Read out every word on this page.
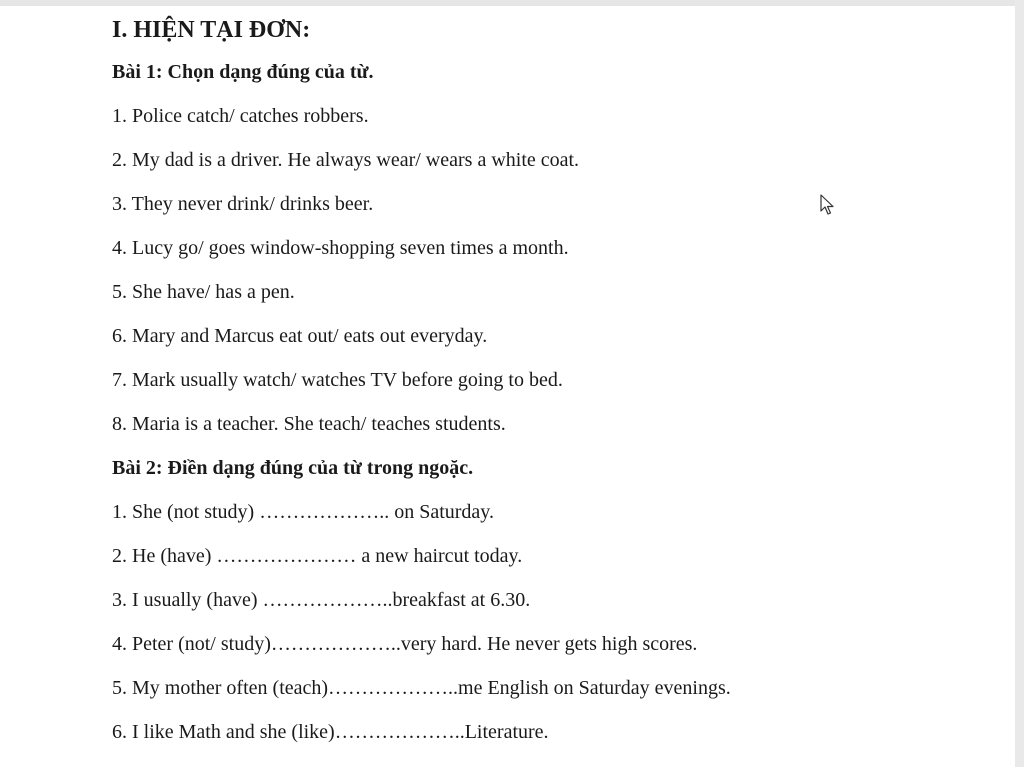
I. HIỆN TẠI ĐƠN:
Bài 1: Chọn dạng đúng của từ.
1. Police catch/ catches robbers.
2. My dad is a driver. He always wear/ wears a white coat.
3. They never drink/ drinks beer.
4. Lucy go/ goes window-shopping seven times a month.
5. She have/ has a pen.
6. Mary and Marcus eat out/ eats out everyday.
7. Mark usually watch/ watches TV before going to bed.
8. Maria is a teacher. She teach/ teaches students.
Bài 2: Điền dạng đúng của từ trong ngoặc.
1. She (not study) ……………….. on Saturday.
2. He (have) ………………… a new haircut today.
3. I usually (have) ………………..breakfast at 6.30.
4. Peter (not/ study)………………..very hard. He never gets high scores.
5. My mother often (teach)………………..me English on Saturday evenings.
6. I like Math and she (like)………………..Literature.
